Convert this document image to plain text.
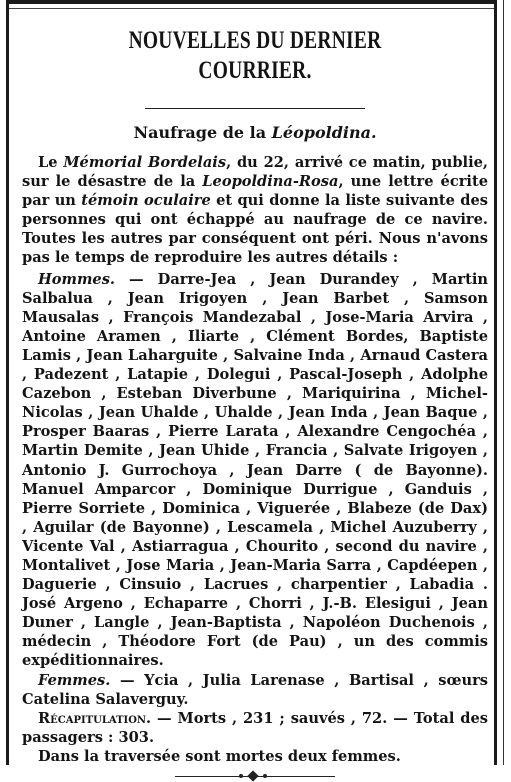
NOUVELLES DU DERNIER COURRIER.
Naufrage de la Léopoldina.

Le Mémorial Bordelais, du 22, arrivé ce matin, publie, sur le désastre de la Leopoldina-Rosa, une lettre écrite par un témoin oculaire et qui donne la liste suivante des personnes qui ont échappé au naufrage de ce navire. Toutes les autres par conséquent ont péri. Nous n'avons pas le temps de reproduire les autres détails :

Hommes. — Darre-Jea , Jean Durandey , Martin Salbalua , Jean Irigoyen , Jean Barbet , Samson Mausalas , François Mandezabal , Jose-Maria Arvira , Antoine Aramen , Iliarte , Clément Bordes, Baptiste Lamis , Jean Laharguite , Salvaine Inda , Arnaud Castera , Padezent , Latapie , Dolegui , Pascal-Joseph , Adolphe Cazebon , Esteban Diverbune , Mariquirina , Michel-Nicolas , Jean Uhalde , Uhalde , Jean Inda , Jean Baque , Prosper Baaras , Pierre Larata , Alexandre Cengochéa , Martin Demite , Jean Uhide , Francia , Salvate Irigoyen , Antonio J. Gurrochoya , Jean Darre ( de Bayonne). Manuel Amparcor , Dominique Durrigue , Ganduis , Pierre Sorriete , Dominica , Viguerée , Blabeze (de Dax) , Aguilar (de Bayonne) , Lescamela , Michel Auzuberry , Vicente Val , Astiarragua , Chourito , second du navire , Montalivet , Jose Maria , Jean-Maria Sarra , Capdéepen , Daguerie , Cinsuio , Lacrues , charpentier , Labadia . José Argeno , Echaparre , Chorri , J.-B. Elesigui , Jean Duner , Langle , Jean-Baptista , Napoléon Duchenois , médecin , Théodore Fort (de Pau) , un des commis expéditionnaires.

Femmes. — Ycia , Julia Larenase , Bartisal , sœurs Catelina Salaverguy.

Récapitulation. — Morts , 231 ; sauvés , 72. — Total des passagers : 303.

Dans la traversée sont mortes deux femmes.
